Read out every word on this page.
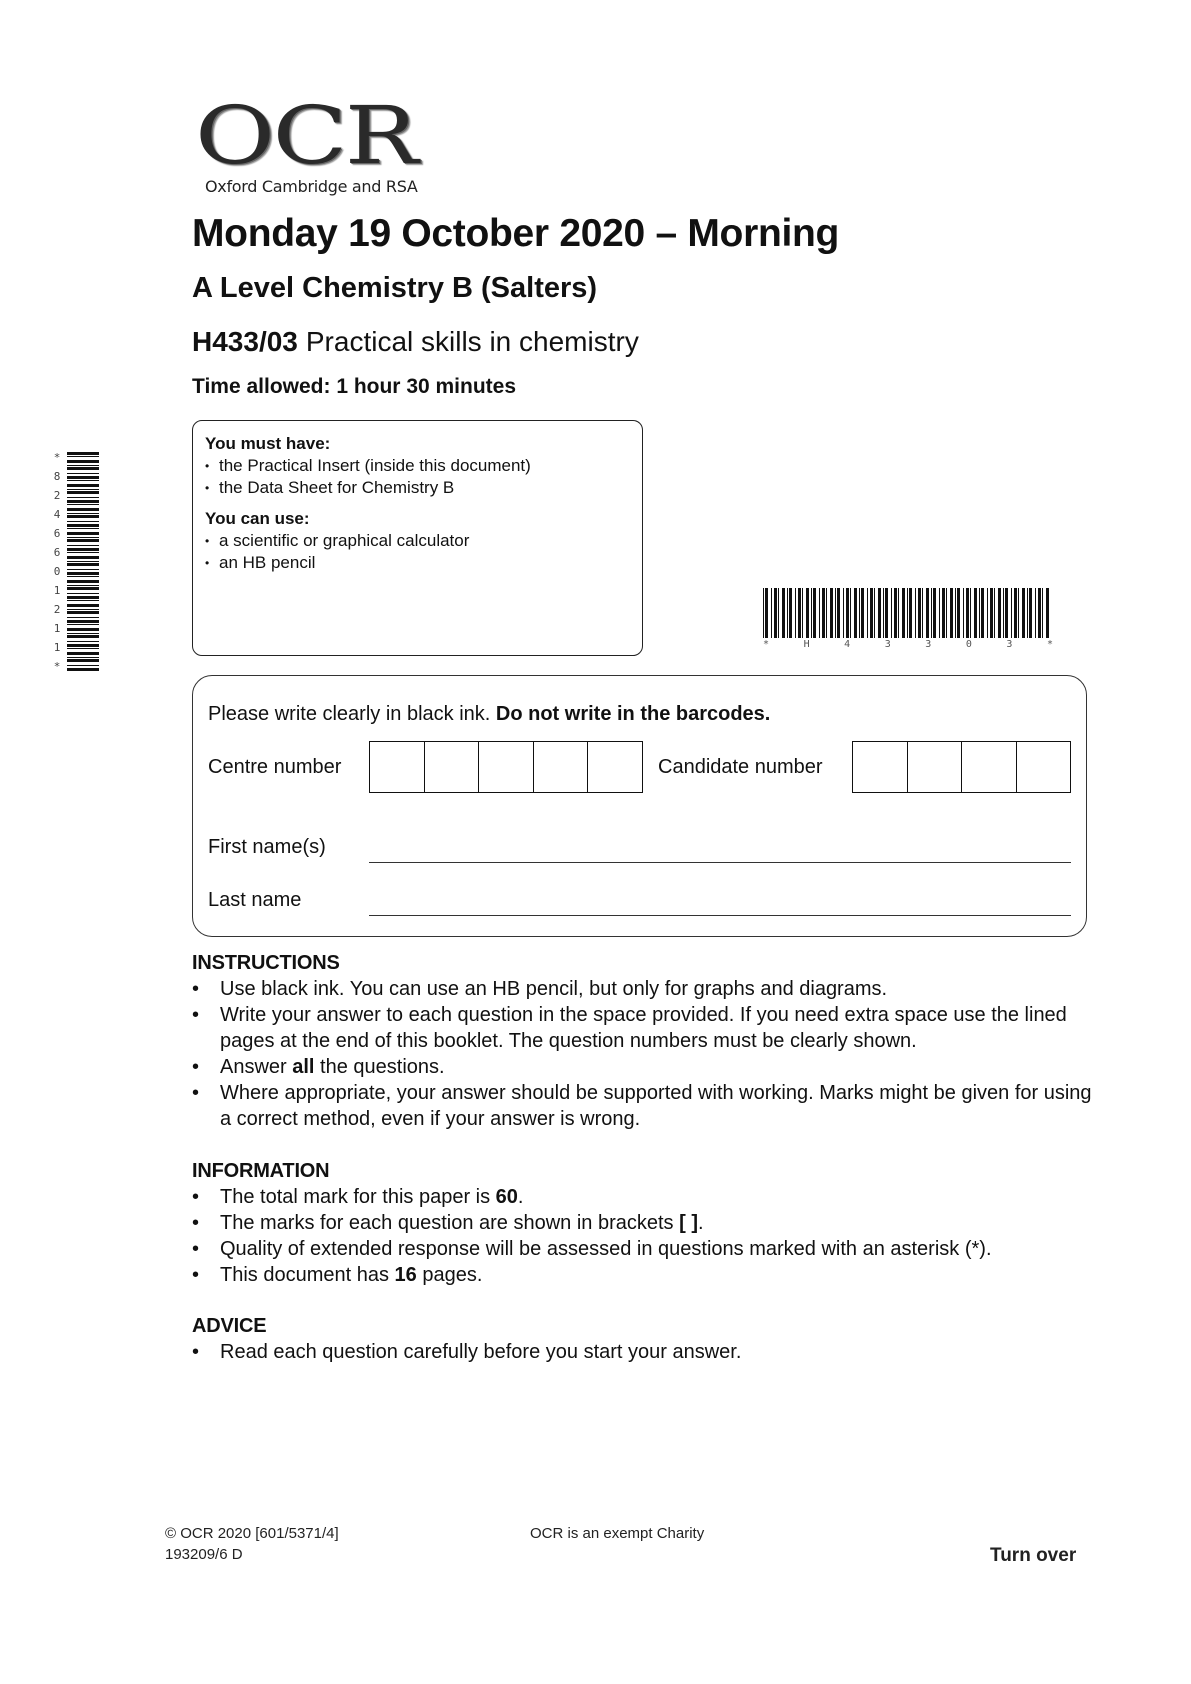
OCR
Oxford Cambridge and RSA
Monday 19 October 2020 – Morning
A Level Chemistry B (Salters)
H433/03 Practical skills in chemistry
Time allowed: 1 hour 30 minutes
You must have:
• the Practical Insert (inside this document)
• the Data Sheet for Chemistry B
You can use:
• a scientific or graphical calculator
• an HB pencil
*
8
2
4
6
6
0
1
2
1
1
*
*	H	4	3	3	0	3	*
Please write clearly in black ink. Do not write in the barcodes.
Centre number	Candidate number
First name(s)
Last name
INSTRUCTIONS
• Use black ink. You can use an HB pencil, but only for graphs and diagrams.
• Write your answer to each question in the space provided. If you need extra space use the lined pages at the end of this booklet. The question numbers must be clearly shown.
• Answer all the questions.
• Where appropriate, your answer should be supported with working. Marks might be given for using a correct method, even if your answer is wrong.
INFORMATION
• The total mark for this paper is 60.
• The marks for each question are shown in brackets [ ].
• Quality of extended response will be assessed in questions marked with an asterisk (*).
• This document has 16 pages.
ADVICE
• Read each question carefully before you start your answer.
© OCR 2020 [601/5371/4]
193209/6 D
OCR is an exempt Charity
Turn over
